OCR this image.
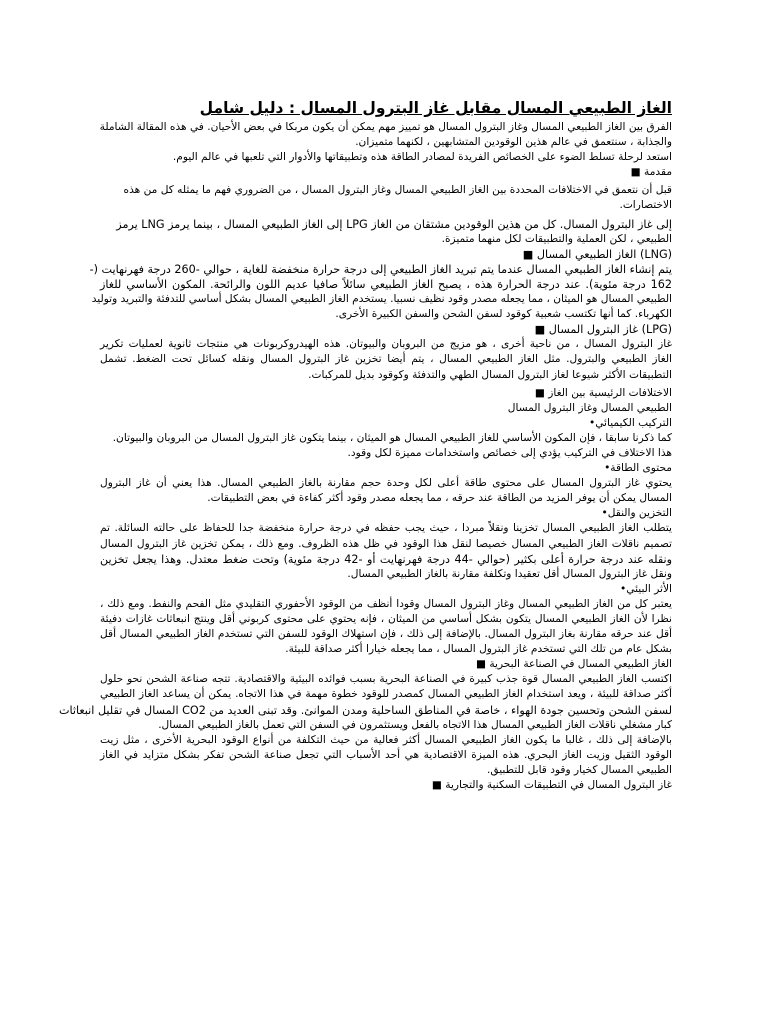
الغاز الطبيعي المسال مقابل غاز البترول المسال : دليل شامل
الفرق بين الغاز الطبيعي المسال وغاز البترول المسال هو تمييز مهم يمكن أن يكون مربكا في بعض الأحيان. في هذه المقالة الشاملة
والجذابة ، سنتعمق في عالم هذين الوقودين المتشابهين ، لكنهما متميزان.
استعد لرحلة تسلط الضوء على الخصائص الفريدة لمصادر الطاقة هذه وتطبيقاتها والأدوار التي تلعبها في عالم اليوم.
مقدمة ■
قبل أن نتعمق في الاختلافات المحددة بين الغاز الطبيعي المسال وغاز البترول المسال ، من الضروري فهم ما يمثله كل من هذه
الاختصارات.
إلى غاز البترول المسال. كل من هذين الوقودين مشتقان من الغاز LPG إلى الغاز الطبيعي المسال ، بينما يرمز LNG يرمز
الطبيعي ، لكن العملية والتطبيقات لكل منهما متميزة.
(LNG) الغاز الطبيعي المسال ■
يتم إنشاء الغاز الطبيعي المسال عندما يتم تبريد الغاز الطبيعي إلى درجة حرارة منخفضة للغاية ، حوالي -260 درجة فهرنهايت (-
162 درجة مئوية). عند درجة الحرارة هذه ، يصبح الغاز الطبيعي سائلاً صافيا عديم اللون والرائحة. المكون الأساسي للغاز
الطبيعي المسال هو الميثان ، مما يجعله مصدر وقود نظيف نسبيا. يستخدم الغاز الطبيعي المسال بشكل أساسي للتدفئة والتبريد وتوليد
الكهرباء. كما أنها تكتسب شعبية كوقود لسفن الشحن والسفن الكبيرة الأخرى.
(LPG) غاز البترول المسال ■
غاز البترول المسال ، من ناحية أخرى ، هو مزيج من البروبان والبيوتان. هذه الهيدروكربونات هي منتجات ثانوية لعمليات تكرير
الغاز الطبيعي والبترول. مثل الغاز الطبيعي المسال ، يتم أيضا تخزين غاز البترول المسال ونقله كسائل تحت الضغط. تشمل
التطبيقات الأكثر شيوعا لغاز البترول المسال الطهي والتدفئة وكوقود بديل للمركبات.
الاختلافات الرئيسية بين الغاز ■
الطبيعي المسال وغاز البترول المسال
التركيب الكيميائي•
كما ذكرنا سابقا ، فإن المكون الأساسي للغاز الطبيعي المسال هو الميثان ، بينما يتكون غاز البترول المسال من البروبان والبيوتان.
هذا الاختلاف في التركيب يؤدي إلى خصائص واستخدامات مميزة لكل وقود.
محتوى الطاقة•
يحتوي غاز البترول المسال على محتوى طاقة أعلى لكل وحدة حجم مقارنة بالغاز الطبيعي المسال. هذا يعني أن غاز البترول
المسال يمكن أن يوفر المزيد من الطاقة عند حرقه ، مما يجعله مصدر وقود أكثر كفاءة في بعض التطبيقات.
التخزين والنقل•
يتطلب الغاز الطبيعي المسال تخزينا ونقلاً مبردا ، حيث يجب حفظه في درجة حرارة منخفضة جدا للحفاظ على حالته السائلة. تم
تصميم ناقلات الغاز الطبيعي المسال خصيصا لنقل هذا الوقود في ظل هذه الظروف. ومع ذلك ، يمكن تخزين غاز البترول المسال
ونقله عند درجة حرارة أعلى بكثير (حوالي -44 درجة فهرنهايت أو -42 درجة مئوية) وتحت ضغط معتدل. وهذا يجعل تخزين
ونقل غاز البترول المسال أقل تعقيدا وتكلفة مقارنة بالغاز الطبيعي المسال.
الأثر البيئي•
يعتبر كل من الغاز الطبيعي المسال وغاز البترول المسال وقودا أنظف من الوقود الأحفوري التقليدي مثل الفحم والنفط. ومع ذلك ،
نظرا لأن الغاز الطبيعي المسال يتكون بشكل أساسي من الميثان ، فإنه يحتوي على محتوى كربوني أقل وينتج انبعاثات غازات دفيئة
أقل عند حرقه مقارنة بغاز البترول المسال. بالإضافة إلى ذلك ، فإن استهلاك الوقود للسفن التي تستخدم الغاز الطبيعي المسال أقل
بشكل عام من تلك التي تستخدم غاز البترول المسال ، مما يجعله خيارا أكثر صداقة للبيئة.
الغاز الطبيعي المسال في الصناعة البحرية ■
اكتسب الغاز الطبيعي المسال قوة جذب كبيرة في الصناعة البحرية بسبب فوائده البيئية والاقتصادية. تتجه صناعة الشحن نحو حلول
أكثر صداقة للبيئة ، ويعد استخدام الغاز الطبيعي المسال كمصدر للوقود خطوة مهمة في هذا الاتجاه. يمكن أن يساعد الغاز الطبيعي
لسفن الشحن وتحسين جودة الهواء ، خاصة في المناطق الساحلية ومدن الموانئ. وقد تبنى العديد من CO2 المسال في تقليل انبعاثات
كبار مشغلي ناقلات الغاز الطبيعي المسال هذا الاتجاه بالفعل ويستثمرون في السفن التي تعمل بالغاز الطبيعي المسال.
بالإضافة إلى ذلك ، غالبا ما يكون الغاز الطبيعي المسال أكثر فعالية من حيث التكلفة من أنواع الوقود البحرية الأخرى ، مثل زيت
الوقود الثقيل وزيت الغاز البحري. هذه الميزة الاقتصادية هي أحد الأسباب التي تجعل صناعة الشحن تفكر بشكل متزايد في الغاز
الطبيعي المسال كخيار وقود قابل للتطبيق.
غاز البترول المسال في التطبيقات السكنية والتجارية ■
